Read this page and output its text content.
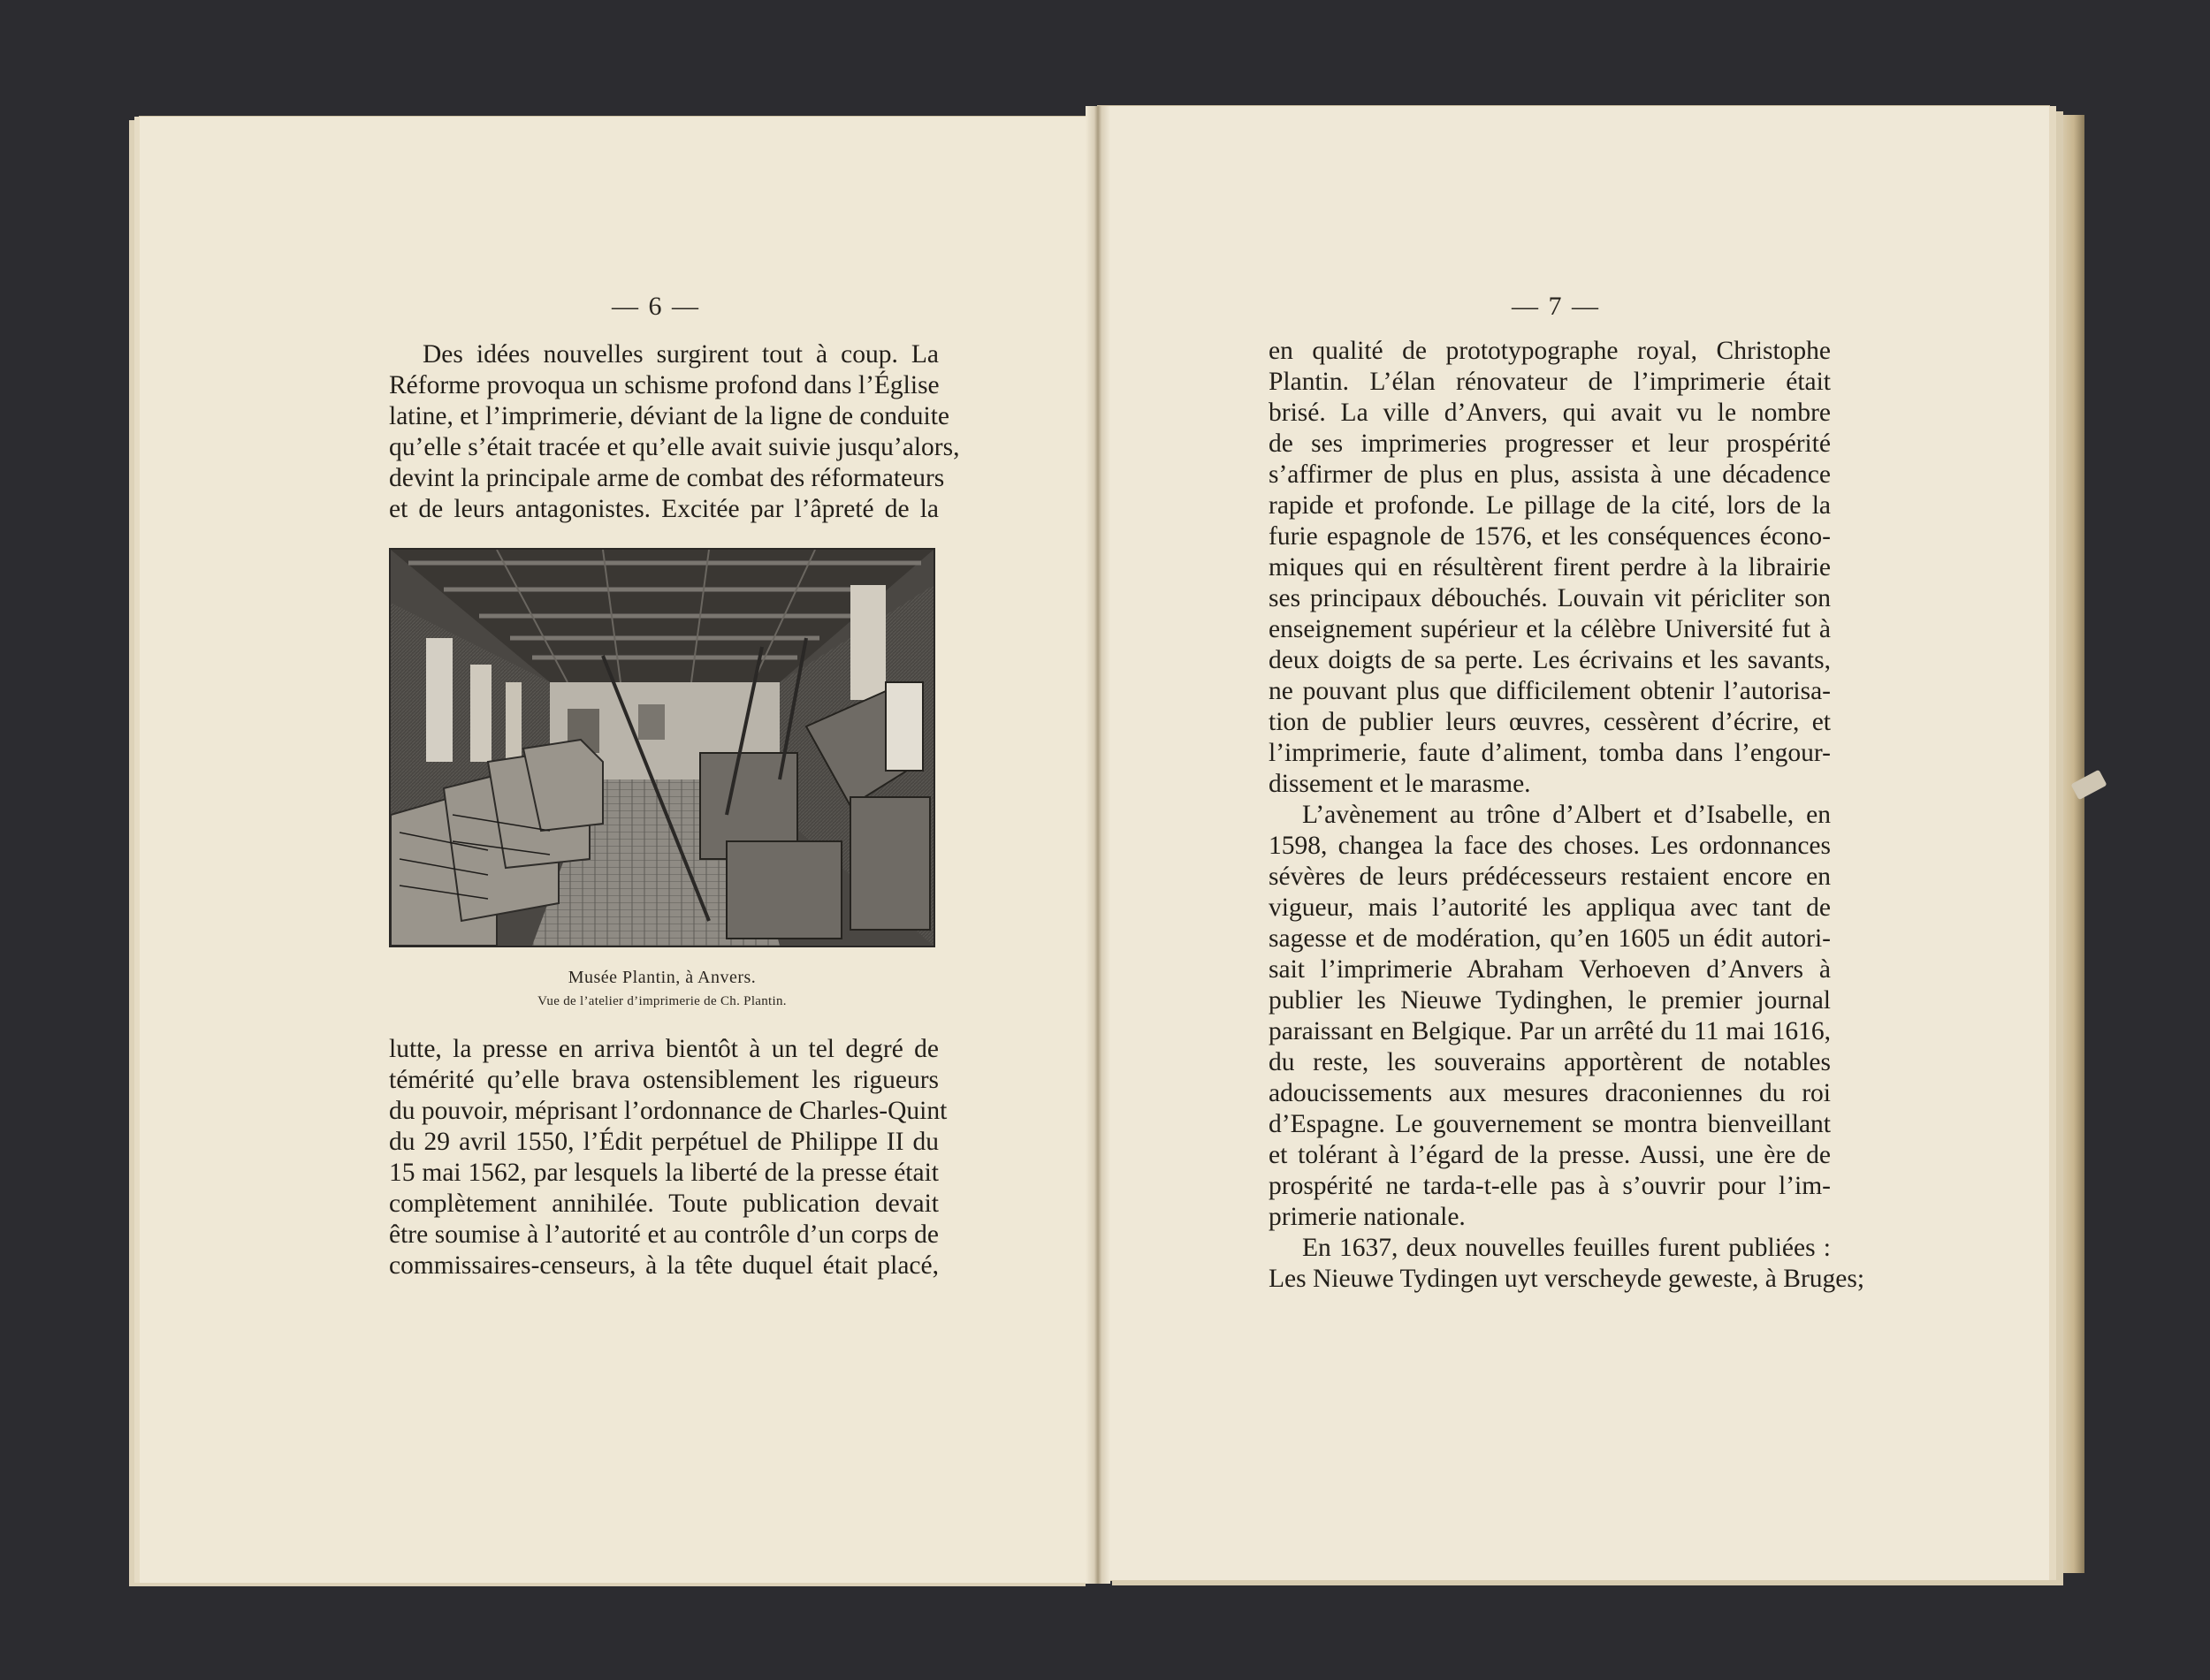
— 6 —
Des idées nouvelles surgirent tout à coup. La
Réforme provoqua un schisme profond dans l’Église
latine, et l’imprimerie, déviant de la ligne de conduite
qu’elle s’était tracée et qu’elle avait suivie jusqu’alors,
devint la principale arme de combat des réformateurs
et de leurs antagonistes. Excitée par l’âpreté de la
Musée Plantin, à Anvers.
Vue de l’atelier d’imprimerie de Ch. Plantin.
lutte, la presse en arriva bientôt à un tel degré de
témérité qu’elle brava ostensiblement les rigueurs
du pouvoir, méprisant l’ordonnance de Charles-Quint
du 29 avril 1550, l’Édit perpétuel de Philippe II du
15 mai 1562, par lesquels la liberté de la presse était
complètement annihilée. Toute publication devait
être soumise à l’autorité et au contrôle d’un corps de
commissaires-censeurs, à la tête duquel était placé,
— 7 —
en qualité de prototypographe royal, Christophe
Plantin. L’élan rénovateur de l’imprimerie était
brisé. La ville d’Anvers, qui avait vu le nombre
de ses imprimeries progresser et leur prospérité
s’affirmer de plus en plus, assista à une décadence
rapide et profonde. Le pillage de la cité, lors de la
furie espagnole de 1576, et les conséquences écono-
miques qui en résultèrent firent perdre à la librairie
ses principaux débouchés. Louvain vit péricliter son
enseignement supérieur et la célèbre Université fut à
deux doigts de sa perte. Les écrivains et les savants,
ne pouvant plus que difficilement obtenir l’autorisa-
tion de publier leurs œuvres, cessèrent d’écrire, et
l’imprimerie, faute d’aliment, tomba dans l’engour-
dissement et le marasme.
L’avènement au trône d’Albert et d’Isabelle, en
1598, changea la face des choses. Les ordonnances
sévères de leurs prédécesseurs restaient encore en
vigueur, mais l’autorité les appliqua avec tant de
sagesse et de modération, qu’en 1605 un édit autori-
sait l’imprimerie Abraham Verhoeven d’Anvers à
publier les Nieuwe Tydinghen, le premier journal
paraissant en Belgique. Par un arrêté du 11 mai 1616,
du reste, les souverains apportèrent de notables
adoucissements aux mesures draconiennes du roi
d’Espagne. Le gouvernement se montra bienveillant
et tolérant à l’égard de la presse. Aussi, une ère de
prospérité ne tarda-t-elle pas à s’ouvrir pour l’im-
primerie nationale.
En 1637, deux nouvelles feuilles furent publiées :
Les Nieuwe Tydingen uyt verscheyde geweste, à Bruges;
